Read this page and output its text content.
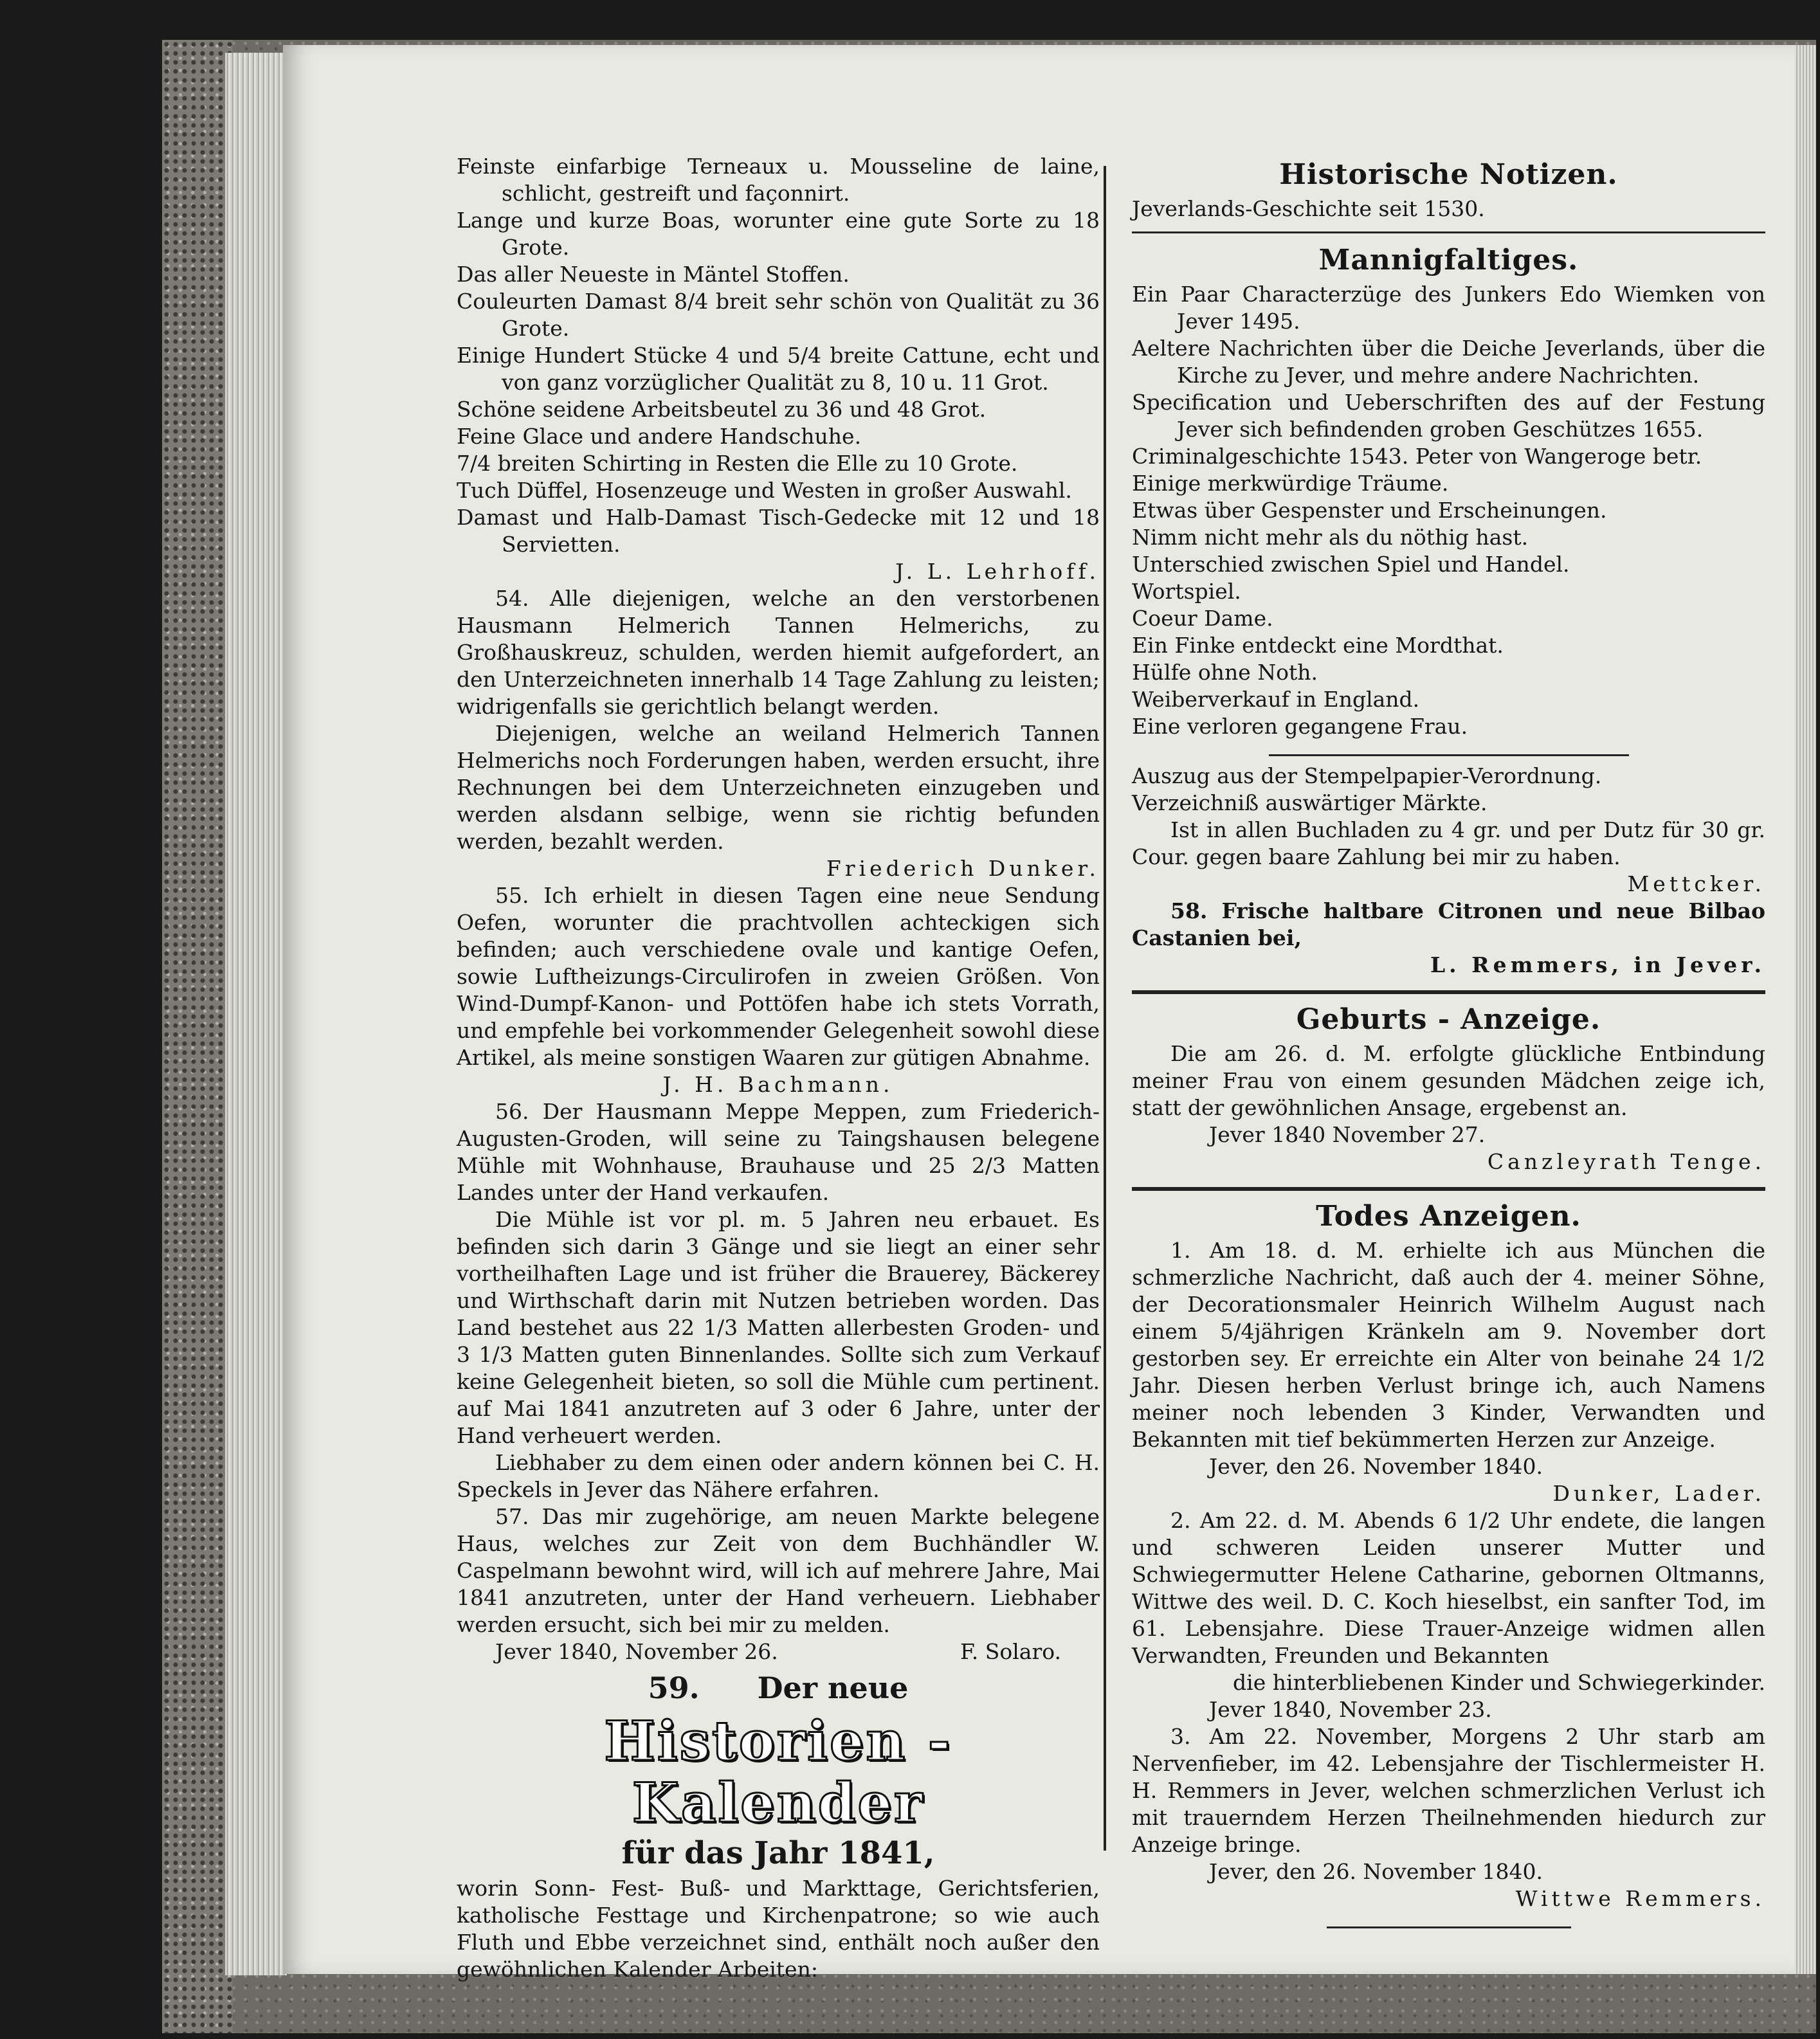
Feinste einfarbige Terneaux u. Mousseline de laine, schlicht, gestreift und façonnirt.

Lange und kurze Boas, worunter eine gute Sorte zu 18 Grote.

Das aller Neueste in Mäntel Stoffen.

Couleurten Damast 8/4 breit sehr schön von Qualität zu 36 Grote.

Einige Hundert Stücke 4 und 5/4 breite Cattune, echt und von ganz vorzüglicher Qualität zu 8, 10 u. 11 Grot.

Schöne seidene Arbeitsbeutel zu 36 und 48 Grot.

Feine Glace und andere Handschuhe.

7/4 breiten Schirting in Resten die Elle zu 10 Grote.

Tuch Düffel, Hosenzeuge und Westen in großer Auswahl.

Damast und Halb-Damast Tisch-Gedecke mit 12 und 18 Servietten.

J. L. Lehrhoff.

54. Alle diejenigen, welche an den verstorbenen Hausmann Helmerich Tannen Helmerichs, zu Großhauskreuz, schulden, werden hiemit aufgefordert, an den Unterzeichneten innerhalb 14 Tage Zahlung zu leisten; widrigenfalls sie gerichtlich belangt werden.

Diejenigen, welche an weiland Helmerich Tannen Helmerichs noch Forderungen haben, werden ersucht, ihre Rechnungen bei dem Unterzeichneten einzugeben und werden alsdann selbige, wenn sie richtig befunden werden, bezahlt werden.

Friederich Dunker.

55. Ich erhielt in diesen Tagen eine neue Sendung Oefen, worunter die prachtvollen achteckigen sich befinden; auch verschiedene ovale und kantige Oefen, sowie Luftheizungs-Circulirofen in zweien Größen. Von Wind-Dumpf-Kanon- und Pottöfen habe ich stets Vorrath, und empfehle bei vorkommender Gelegenheit sowohl diese Artikel, als meine sonstigen Waaren zur gütigen Abnahme.

J. H. Bachmann.

56. Der Hausmann Meppe Meppen, zum Friederich-Augusten-Groden, will seine zu Taingshausen belegene Mühle mit Wohnhause, Brauhause und 25 2/3 Matten Landes unter der Hand verkaufen.

Die Mühle ist vor pl. m. 5 Jahren neu erbauet. Es befinden sich darin 3 Gänge und sie liegt an einer sehr vortheilhaften Lage und ist früher die Brauerey, Bäckerey und Wirthschaft darin mit Nutzen betrieben worden. Das Land bestehet aus 22 1/3 Matten allerbesten Groden- und 3 1/3 Matten guten Binnenlandes. Sollte sich zum Verkauf keine Gelegenheit bieten, so soll die Mühle cum pertinent. auf Mai 1841 anzutreten auf 3 oder 6 Jahre, unter der Hand verheuert werden.

Liebhaber zu dem einen oder andern können bei C. H. Speckels in Jever das Nähere erfahren.

57. Das mir zugehörige, am neuen Markte belegene Haus, welches zur Zeit von dem Buchhändler W. Caspelmann bewohnt wird, will ich auf mehrere Jahre, Mai 1841 anzutreten, unter der Hand verheuern. Liebhaber werden ersucht, sich bei mir zu melden.

Jever 1840, November 26.	F. Solaro.
59. Der neue
Historien - Kalender
für das Jahr 1841,

worin Sonn- Fest- Buß- und Markttage, Gerichtsferien, katholische Festtage und Kirchenpatrone; so wie auch Fluth und Ebbe verzeichnet sind, enthält noch außer den gewöhnlichen Kalender Arbeiten:

Historische Notizen.

Jeverlands-Geschichte seit 1530.

Mannigfaltiges.

Ein Paar Characterzüge des Junkers Edo Wiemken von Jever 1495.

Aeltere Nachrichten über die Deiche Jeverlands, über die Kirche zu Jever, und mehre andere Nachrichten.

Specification und Ueberschriften des auf der Festung Jever sich befindenden groben Geschützes 1655.

Criminalgeschichte 1543. Peter von Wangeroge betr.

Einige merkwürdige Träume.

Etwas über Gespenster und Erscheinungen.

Nimm nicht mehr als du nöthig hast.

Unterschied zwischen Spiel und Handel.

Wortspiel.

Coeur Dame.

Ein Finke entdeckt eine Mordthat.

Hülfe ohne Noth.

Weiberverkauf in England.

Eine verloren gegangene Frau.

Auszug aus der Stempelpapier-Verordnung.

Verzeichniß auswärtiger Märkte.

Ist in allen Buchladen zu 4 gr. und per Dutz für 30 gr. Cour. gegen baare Zahlung bei mir zu haben.

Mettcker.

58. Frische haltbare Citronen und neue Bilbao Castanien bei,

L. Remmers, in Jever.

Geburts - Anzeige.

Die am 26. d. M. erfolgte glückliche Entbindung meiner Frau von einem gesunden Mädchen zeige ich, statt der gewöhnlichen Ansage, ergebenst an.

Jever 1840 November 27.

Canzleyrath Tenge.

Todes Anzeigen.

1. Am 18. d. M. erhielte ich aus München die schmerzliche Nachricht, daß auch der 4. meiner Söhne, der Decorationsmaler Heinrich Wilhelm August nach einem 5/4jährigen Kränkeln am 9. November dort gestorben sey. Er erreichte ein Alter von beinahe 24 1/2 Jahr. Diesen herben Verlust bringe ich, auch Namens meiner noch lebenden 3 Kinder, Verwandten und Bekannten mit tief bekümmerten Herzen zur Anzeige.

Jever, den 26. November 1840.

Dunker, Lader.

2. Am 22. d. M. Abends 6 1/2 Uhr endete, die langen und schweren Leiden unserer Mutter und Schwiegermutter Helene Catharine, gebornen Oltmanns, Wittwe des weil. D. C. Koch hieselbst, ein sanfter Tod, im 61. Lebensjahre. Diese Trauer-Anzeige widmen allen Verwandten, Freunden und Bekannten

die hinterbliebenen Kinder und Schwiegerkinder.

Jever 1840, November 23.

3. Am 22. November, Morgens 2 Uhr starb am Nervenfieber, im 42. Lebensjahre der Tischlermeister H. H. Remmers in Jever, welchen schmerzlichen Verlust ich mit trauerndem Herzen Theilnehmenden hiedurch zur Anzeige bringe.

Jever, den 26. November 1840.

Wittwe Remmers.
